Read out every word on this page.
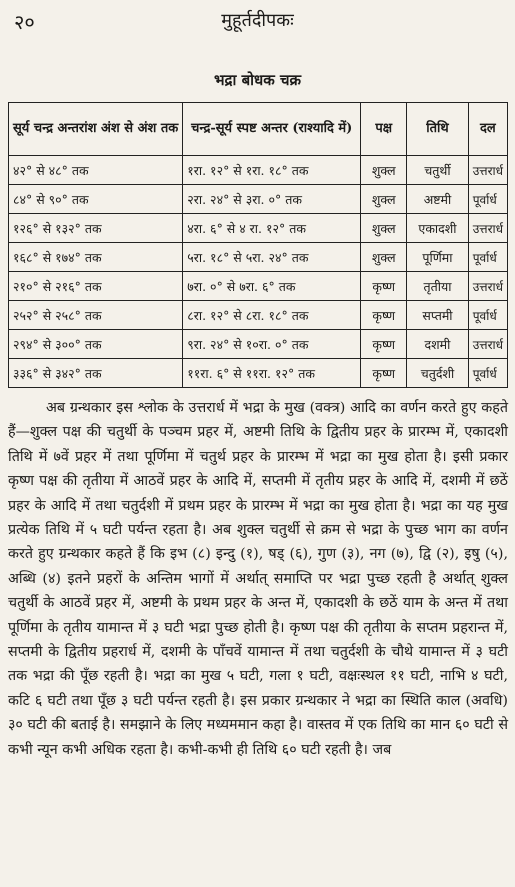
२०	मुहूर्तदीपकः
भद्रा बोधक चक्र
सूर्य चन्द्र अन्तरांश अंश से अंश तक	चन्द्र-सूर्य स्पष्ट अन्तर (राश्यादि में)	पक्ष	तिथि	दल
४२° से ४८° तक	१रा. १२° से १रा. १८° तक	शुक्ल	चतुर्थी	उत्तरार्ध
८४° से ९०° तक	२रा. २४° से ३रा. ०° तक	शुक्ल	अष्टमी	पूर्वार्ध
१२६° से १३२° तक	४रा. ६° से ४ रा. १२° तक	शुक्ल	एकादशी	उत्तरार्ध
१६८° से १७४° तक	५रा. १८° से ५रा. २४° तक	शुक्ल	पूर्णिमा	पूर्वार्ध
२१०° से २१६° तक	७रा. ०° से ७रा. ६° तक	कृष्ण	तृतीया	उत्तरार्ध
२५२° से २५८° तक	८रा. १२° से ८रा. १८° तक	कृष्ण	सप्तमी	पूर्वार्ध
२९४° से ३००° तक	९रा. २४° से १०रा. ०° तक	कृष्ण	दशमी	उत्तरार्ध
३३६° से ३४२° तक	११रा. ६° से ११रा. १२° तक	कृष्ण	चतुर्दशी	पूर्वार्ध

अब ग्रन्थकार इस श्लोक के उत्तरार्ध में भद्रा के मुख (वक्त्र) आदि का वर्णन करते हुए कहते हैं—शुक्ल पक्ष की चतुर्थी के पञ्चम प्रहर में, अष्टमी तिथि के द्वितीय प्रहर के प्रारम्भ में, एकादशी तिथि में ७वें प्रहर में तथा पूर्णिमा में चतुर्थ प्रहर के प्रारम्भ में भद्रा का मुख होता है। इसी प्रकार कृष्ण पक्ष की तृतीया में आठवें प्रहर के आदि में, सप्तमी में तृतीय प्रहर के आदि में, दशमी में छठें प्रहर के आदि में तथा चतुर्दशी में प्रथम प्रहर के प्रारम्भ में भद्रा का मुख होता है। भद्रा का यह मुख प्रत्येक तिथि में ५ घटी पर्यन्त रहता है। अब शुक्ल चतुर्थी से क्रम से भद्रा के पुच्छ भाग का वर्णन करते हुए ग्रन्थकार कहते हैं कि इभ (८) इन्दु (१), षड् (६), गुण (३), नग (७), द्वि (२), इषु (५), अब्धि (४) इतने प्रहरों के अन्तिम भागों में अर्थात् समाप्ति पर भद्रा पुच्छ रहती है अर्थात् शुक्ल चतुर्थी के आठवें प्रहर में, अष्टमी के प्रथम प्रहर के अन्त में, एकादशी के छठें याम के अन्त में तथा पूर्णिमा के तृतीय यामान्त में ३ घटी भद्रा पुच्छ होती है। कृष्ण पक्ष की तृतीया के सप्तम प्रहरान्त में, सप्तमी के द्वितीय प्रहरार्ध में, दशमी के पाँचवें यामान्त में तथा चतुर्दशी के चौथे यामान्त में ३ घटी तक भद्रा की पूँछ रहती है। भद्रा का मुख ५ घटी, गला १ घटी, वक्षःस्थल ११ घटी, नाभि ४ घटी, कटि ६ घटी तथा पूँछ ३ घटी पर्यन्त रहती है। इस प्रकार ग्रन्थकार ने भद्रा का स्थिति काल (अवधि) ३० घटी की बताई है। समझाने के लिए मध्यममान कहा है। वास्तव में एक तिथि का मान ६० घटी से कभी न्यून कभी अधिक रहता है। कभी-कभी ही तिथि ६० घटी रहती है। जब
